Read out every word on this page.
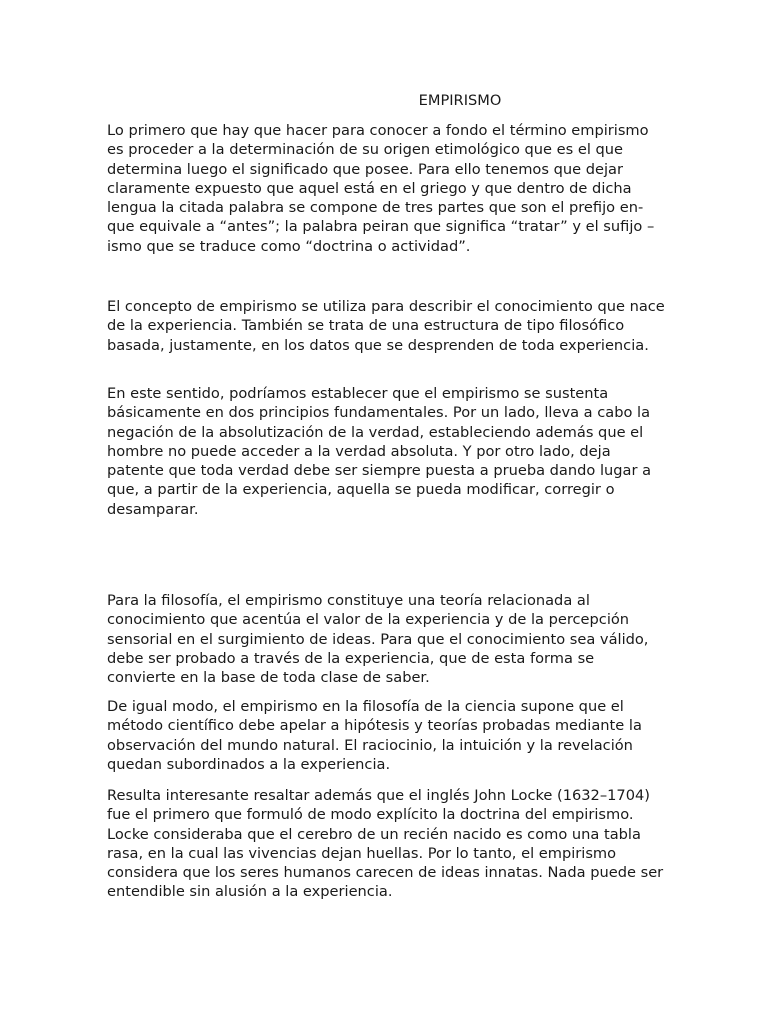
EMPIRISMO

Lo primero que hay que hacer para conocer a fondo el término empirismo es proceder a la determinación de su origen etimológico que es el que determina luego el significado que posee. Para ello tenemos que dejar claramente expuesto que aquel está en el griego y que dentro de dicha lengua la citada palabra se compone de tres partes que son el prefijo en- que equivale a “antes”; la palabra peiran que significa “tratar” y el sufijo –ismo que se traduce como “doctrina o actividad”.

El concepto de empirismo se utiliza para describir el conocimiento que nace de la experiencia. También se trata de una estructura de tipo filosófico basada, justamente, en los datos que se desprenden de toda experiencia.

En este sentido, podríamos establecer que el empirismo se sustenta básicamente en dos principios fundamentales. Por un lado, lleva a cabo la negación de la absolutización de la verdad, estableciendo además que el hombre no puede acceder a la verdad absoluta. Y por otro lado, deja patente que toda verdad debe ser siempre puesta a prueba dando lugar a que, a partir de la experiencia, aquella se pueda modificar, corregir o desamparar.

Para la filosofía, el empirismo constituye una teoría relacionada al conocimiento que acentúa el valor de la experiencia y de la percepción sensorial en el surgimiento de ideas. Para que el conocimiento sea válido, debe ser probado a través de la experiencia, que de esta forma se convierte en la base de toda clase de saber.

De igual modo, el empirismo en la filosofía de la ciencia supone que el método científico debe apelar a hipótesis y teorías probadas mediante la observación del mundo natural. El raciocinio, la intuición y la revelación quedan subordinados a la experiencia.

Resulta interesante resaltar además que el inglés John Locke (1632–1704) fue el primero que formuló de modo explícito la doctrina del empirismo. Locke consideraba que el cerebro de un recién nacido es como una tabla rasa, en la cual las vivencias dejan huellas. Por lo tanto, el empirismo considera que los seres humanos carecen de ideas innatas. Nada puede ser entendible sin alusión a la experiencia.
